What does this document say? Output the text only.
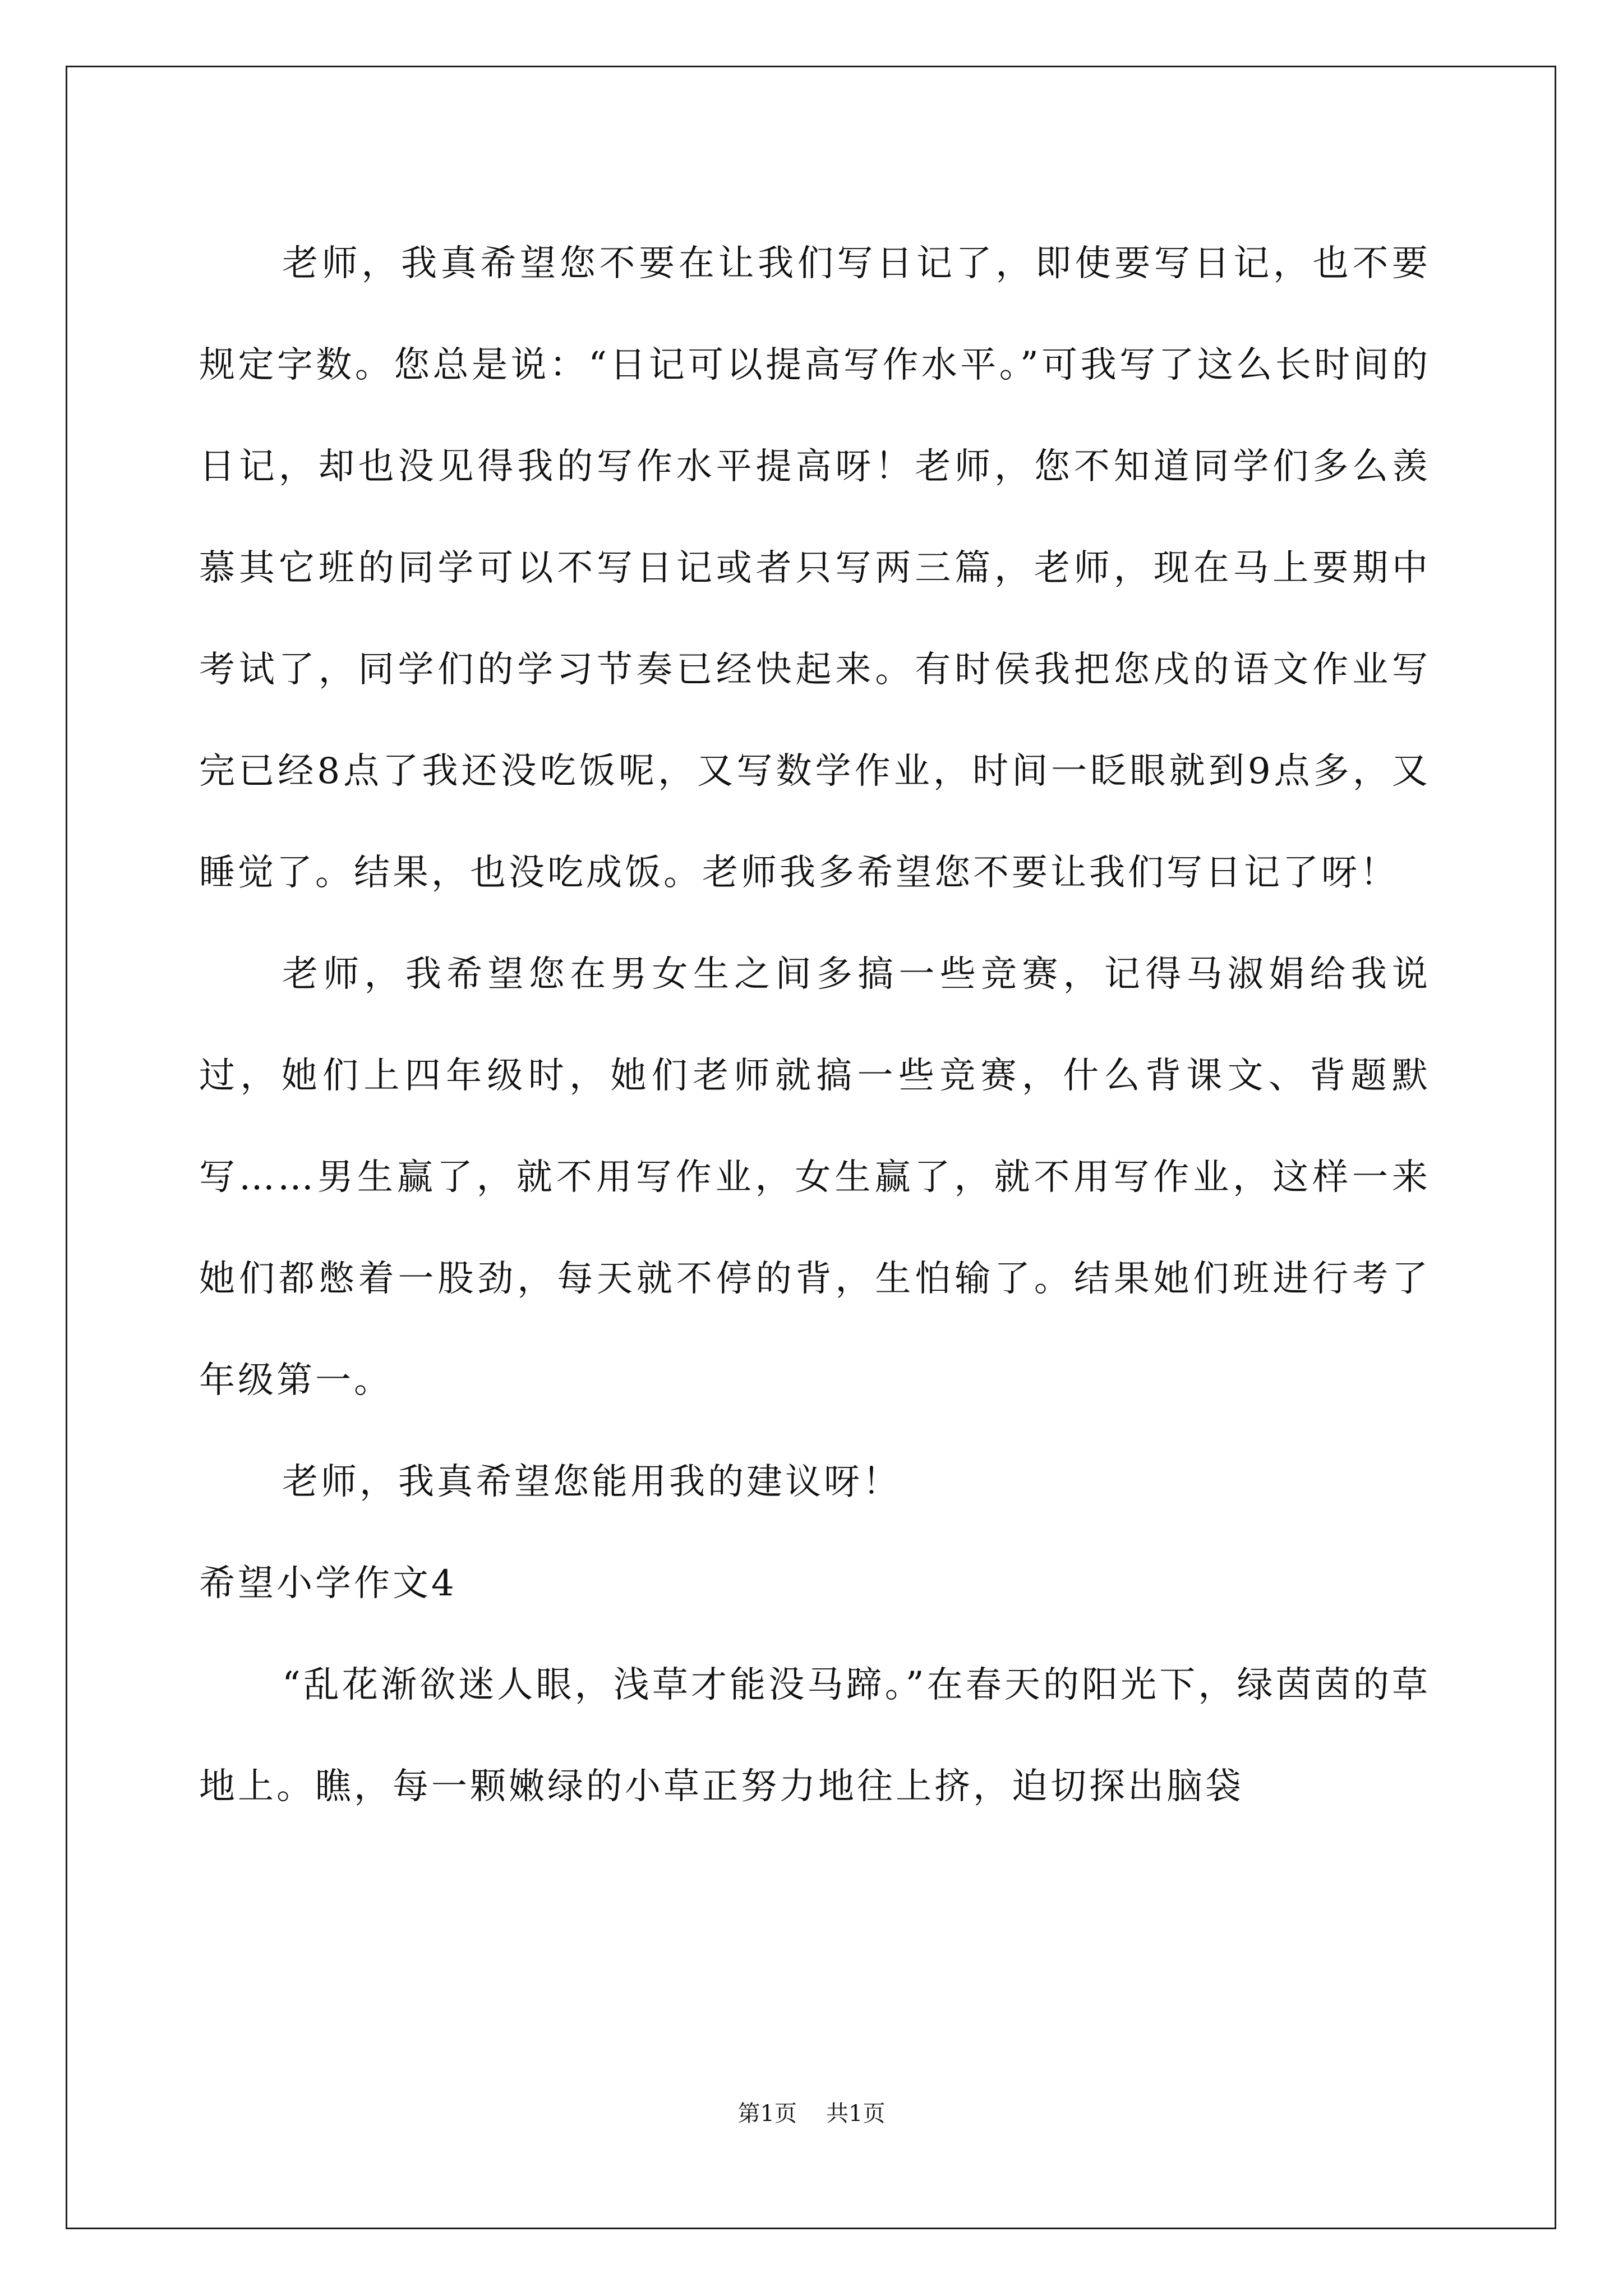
老师，我真希望您不要在让我们写日记了，即使要写日记，也不要规定字数。您总是说：“日记可以提高写作水平。”可我写了这么长时间的日记，却也没见得我的写作水平提高呀！老师，您不知道同学们多么羡慕其它班的同学可以不写日记或者只写两三篇，老师，现在马上要期中考试了，同学们的学习节奏已经快起来。有时侯我把您戌的语文作业写完已经8点了我还没吃饭呢，又写数学作业，时间一眨眼就到9点多，又睡觉了。结果，也没吃成饭。老师我多希望您不要让我们写日记了呀！

老师，我希望您在男女生之间多搞一些竞赛，记得马淑娟给我说过，她们上四年级时，她们老师就搞一些竞赛，什么背课文、背题默写……男生赢了，就不用写作业，女生赢了，就不用写作业，这样一来她们都憋着一股劲，每天就不停的背，生怕输了。结果她们班进行考了年级第一。

老师，我真希望您能用我的建议呀！

希望小学作文4

“乱花渐欲迷人眼，浅草才能没马蹄。”在春天的阳光下，绿茵茵的草地上。瞧，每一颗嫩绿的小草正努力地往上挤，迫切探出脑袋

第1页 共1页
